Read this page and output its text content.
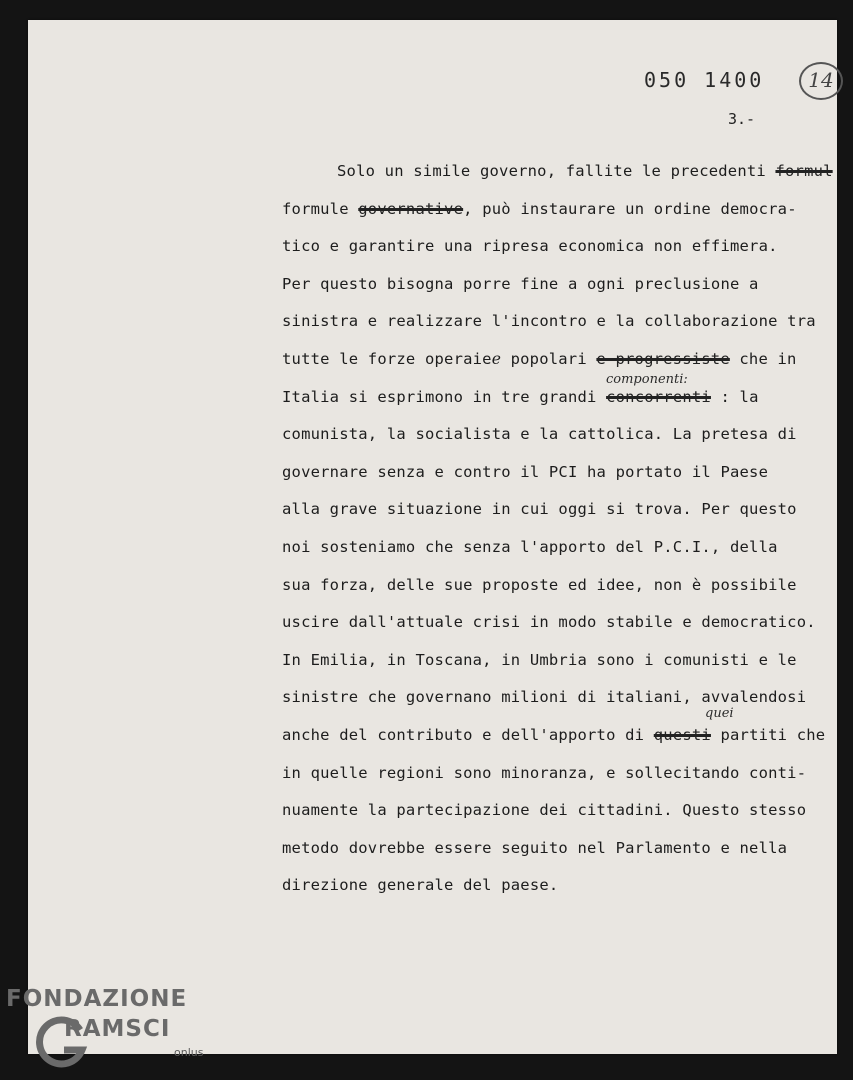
050 1400	14
3.-
Solo un simile governo, fallite le precedenti formul
formule governative, può instaurare un ordine democra-
tico e garantire una ripresa economica non effimera.
Per questo bisogna porre fine a ogni preclusione a
sinistra e realizzare l'incontro e la collaborazione tra
tutte le forze operaiee popolari e progressiste che in
Italia si esprimono in tre grandi concorrenti : la
comunista, la socialista e la cattolica. La pretesa di
governare senza e contro il PCI ha portato il Paese
alla grave situazione in cui oggi si trova. Per questo
noi sosteniamo che senza l'apporto del P.C.I., della
sua forza, delle sue proposte ed idee, non è possibile
uscire dall'attuale crisi in modo stabile e democratico.
In Emilia, in Toscana, in Umbria sono i comunisti e le
sinistre che governano milioni di italiani, avvalendosi
anche del contributo e dell'apporto di questi partiti che
in quelle regioni sono minoranza, e sollecitando conti-
nuamente la partecipazione dei cittadini. Questo stesso
metodo dovrebbe essere seguito nel Parlamento e nella
direzione generale del paese.
componenti:
quei
FONDAZIONE
RAMSCI
onlus
